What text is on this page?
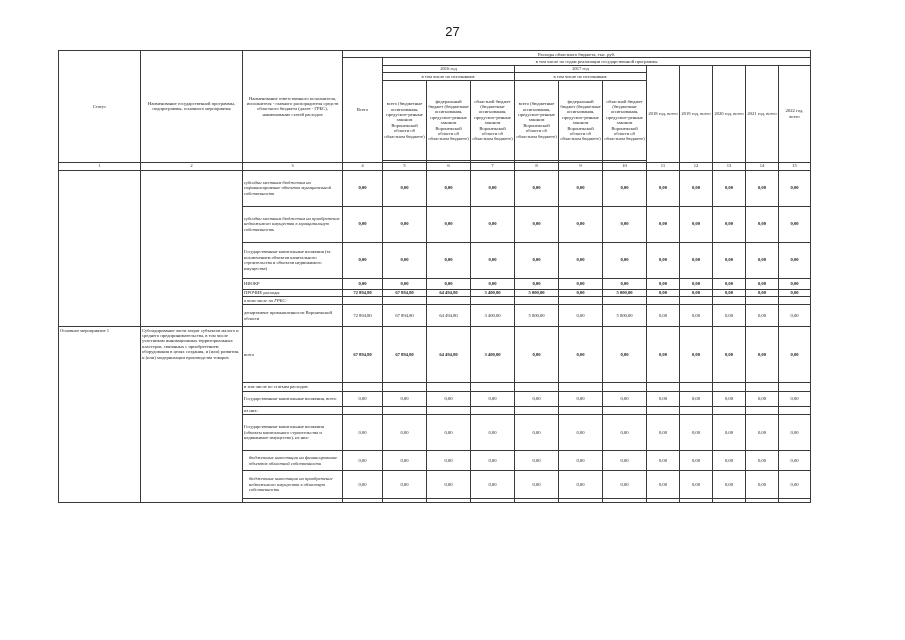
27
Статус	Наименование государственной программы, подпрограммы, основного мероприятия	Наименование ответственного исполнителя, исполнителя - главного распорядителя средств областного бюджета (далее - ГРБС), наименование статей расходов	Расходы областного бюджета, тыс. руб.											
			Всего	в том числе по годам реализации государственной программы										
				2016 год			2017 год			2018 год, всего	2019 год, всего	2020 год, всего	2021 год, всего	2022 год, всего
				в том числе по источникам:			в том числе по источникам:							
				всего (бюджетные ассигнования, предусмот-ренные законом Воронежской области об областном бюджете)	федеральный бюджет (бюджетные ассигнования, предусмот-ренные законом Воронежской области об областном бюджете)	областной бюджет (бюджетные ассигнования, предусмот-ренные законом Воронежской области об областном бюджете)	всего (бюджетные ассигнования, предусмот-ренные законом Воронежской области об областном бюджете)	федеральный бюджет (бюджетные ассигнования, предусмот-ренные законом Воронежской области об областном бюджете)	областной бюджет (бюджетные ассигнования, предусмот-ренные законом Воронежской области об областном бюджете)					

1	2	3	4	5	6	7	8	9	10	11	12	13	14	15
		субсидии местным бюджетам на софинансирование объектов муниципальной собственности	0,00	0,00	0,00	0,00	0,00	0,00	0,00	0,00	0,00	0,00	0,00	0,00
		субсидии местным бюджетам на приобретение недвижимого имущества в муниципальную собственность	0,00	0,00	0,00	0,00	0,00	0,00	0,00	0,00	0,00	0,00	0,00	0,00
		Государственные капитальные вложения (за исключением объектов капитального строительства и объектов недвижимого имущества)	0,00	0,00	0,00	0,00	0,00	0,00	0,00	0,00	0,00	0,00	0,00	0,00
		НИОКР	0,00	0,00	0,00	0,00	0,00	0,00	0,00	0,00	0,00	0,00	0,00	0,00
		ПРОЧИЕ расходы	72 894,80	67 894,80	64 494,80	3 400,00	5 000,00	0,00	5 000,00	0,00	0,00	0,00	0,00	0,00
		в том числе по ГРБС:												
		департамент промышленности Воронежской области	72 894,80	67 894,80	64 494,80	3 400,00	5 000,00	0,00	5 000,00	0,00	0,00	0,00	0,00	0,00
Основное мероприятие 1	Субсидирование части затрат субъектов малого и среднего предпринимательства, в том числе участникам инновационных территориальных кластеров, связанных с приобретением оборудования в целях создания, и (или) развития, и (или) модернизации производства товаров	всего	67 894,80	67 894,80	64 494,80	3 400,00	0,00	0,00	0,00	0,00	0,00	0,00	0,00	0,00
		в том числе по статьям расходов:												
		Государственные капитальные вложения, всего	0,00	0,00	0,00	0,00	0,00	0,00	0,00	0,00	0,00	0,00	0,00	0,00
		из них:												
		Государственные капитальные вложения (объекты капитального строительства и недвижимое имущество), из них:	0,00	0,00	0,00	0,00	0,00	0,00	0,00	0,00	0,00	0,00	0,00	0,00
		бюджетные инвестиции на финансирование объектов областной собственности	0,00	0,00	0,00	0,00	0,00	0,00	0,00	0,00	0,00	0,00	0,00	0,00
		бюджетные инвестиции на приобретение недвижимого имущества в областную собственность	0,00	0,00	0,00	0,00	0,00	0,00	0,00	0,00	0,00	0,00	0,00	0,00
